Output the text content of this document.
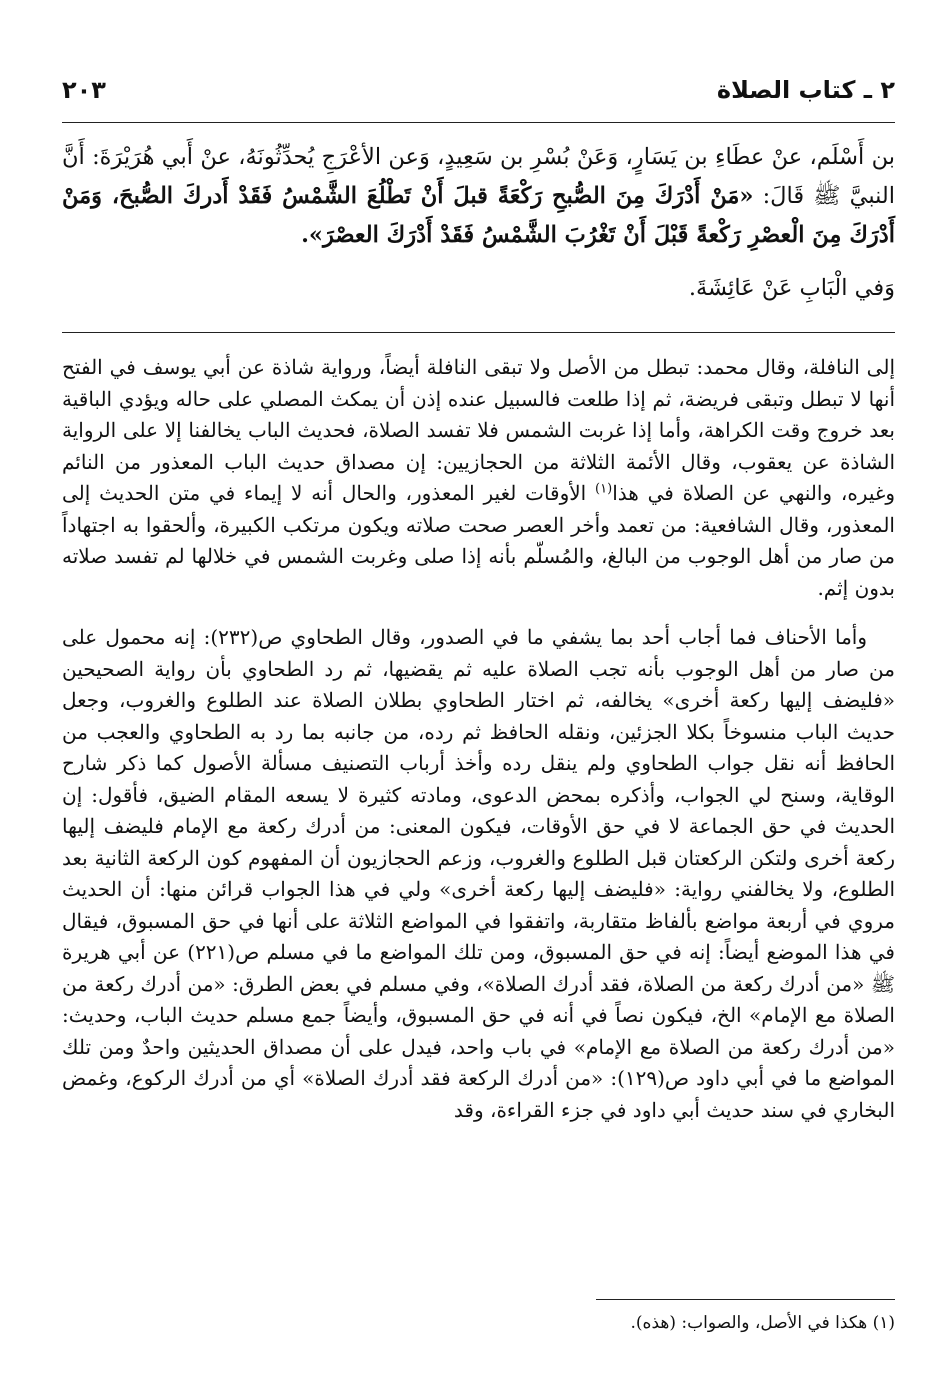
٢ ـ كتاب الصلاة
٢٠٣
بن أَسْلَم، عنْ عطَاءِ بن يَسَارٍ، وَعَنْ بُسْرِ بن سَعِيدٍ، وَعن الأعْرَجِ يُحدِّثُونَهُ، عنْ أَبي هُرَيْرَةَ: أَنَّ النبيَّ ﷺ قَالَ: «مَنْ أَدْرَكَ مِنَ الصُّبحِ رَكْعَةً قبلَ أَنْ تَطْلُعَ الشَّمْسُ فَقَدْ أَدركَ الصُّبحَ، وَمَنْ أَدْرَكَ مِنَ الْعصْرِ رَكْعةً قَبْلَ أَنْ تَغْرُبَ الشَّمْسُ فَقَدْ أَدْرَكَ العصْرَ».
وَفي الْبَابِ عَنْ عَائِشَةَ.

إلى النافلة، وقال محمد: تبطل من الأصل ولا تبقى النافلة أيضاً، ورواية شاذة عن أبي يوسف في الفتح أنها لا تبطل وتبقى فريضة، ثم إذا طلعت فالسبيل عنده إذن أن يمكث المصلي على حاله ويؤدي الباقية بعد خروج وقت الكراهة، وأما إذا غربت الشمس فلا تفسد الصلاة، فحديث الباب يخالفنا إلا على الرواية الشاذة عن يعقوب، وقال الأئمة الثلاثة من الحجازيين: إن مصداق حديث الباب المعذور من النائم وغيره، والنهي عن الصلاة في هذا$^{(١)}$ الأوقات لغير المعذور، والحال أنه لا إيماء في متن الحديث إلى المعذور، وقال الشافعية: من تعمد وأخر العصر صحت صلاته ويكون مرتكب الكبيرة، وألحقوا به اجتهاداً من صار من أهل الوجوب من البالغ، والمُسلّم بأنه إذا صلى وغربت الشمس في خلالها لم تفسد صلاته بدون إثم.

وأما الأحناف فما أجاب أحد بما يشفي ما في الصدور، وقال الطحاوي ص(٢٣٢): إنه محمول على من صار من أهل الوجوب بأنه تجب الصلاة عليه ثم يقضيها، ثم رد الطحاوي بأن رواية الصحيحين «فليضف إليها ركعة أخرى» يخالفه، ثم اختار الطحاوي بطلان الصلاة عند الطلوع والغروب، وجعل حديث الباب منسوخاً بكلا الجزئين، ونقله الحافظ ثم رده، من جانبه بما رد به الطحاوي والعجب من الحافظ أنه نقل جواب الطحاوي ولم ينقل رده وأخذ أرباب التصنيف مسألة الأصول كما ذكر شارح الوقاية، وسنح لي الجواب، وأذكره بمحض الدعوى، ومادته كثيرة لا يسعه المقام الضيق، فأقول: إن الحديث في حق الجماعة لا في حق الأوقات، فيكون المعنى: من أدرك ركعة مع الإمام فليضف إليها ركعة أخرى ولتكن الركعتان قبل الطلوع والغروب، وزعم الحجازيون أن المفهوم كون الركعة الثانية بعد الطلوع، ولا يخالفني رواية: «فليضف إليها ركعة أخرى» ولي في هذا الجواب قرائن منها: أن الحديث مروي في أربعة مواضع بألفاظ متقاربة، واتفقوا في المواضع الثلاثة على أنها في حق المسبوق، فيقال في هذا الموضع أيضاً: إنه في حق المسبوق، ومن تلك المواضع ما في مسلم ص(٢٢١) عن أبي هريرة ﷺ «من أدرك ركعة من الصلاة، فقد أدرك الصلاة»، وفي مسلم في بعض الطرق: «من أدرك ركعة من الصلاة مع الإمام» الخ، فيكون نصاً في أنه في حق المسبوق، وأيضاً جمع مسلم حديث الباب، وحديث: «من أدرك ركعة من الصلاة مع الإمام» في باب واحد، فيدل على أن مصداق الحديثين واحدٌ ومن تلك المواضع ما في أبي داود ص(١٢٩): «من أدرك الركعة فقد أدرك الصلاة» أي من أدرك الركوع، وغمض البخاري في سند حديث أبي داود في جزء القراءة، وقد

(١) هكذا في الأصل، والصواب: (هذه).
